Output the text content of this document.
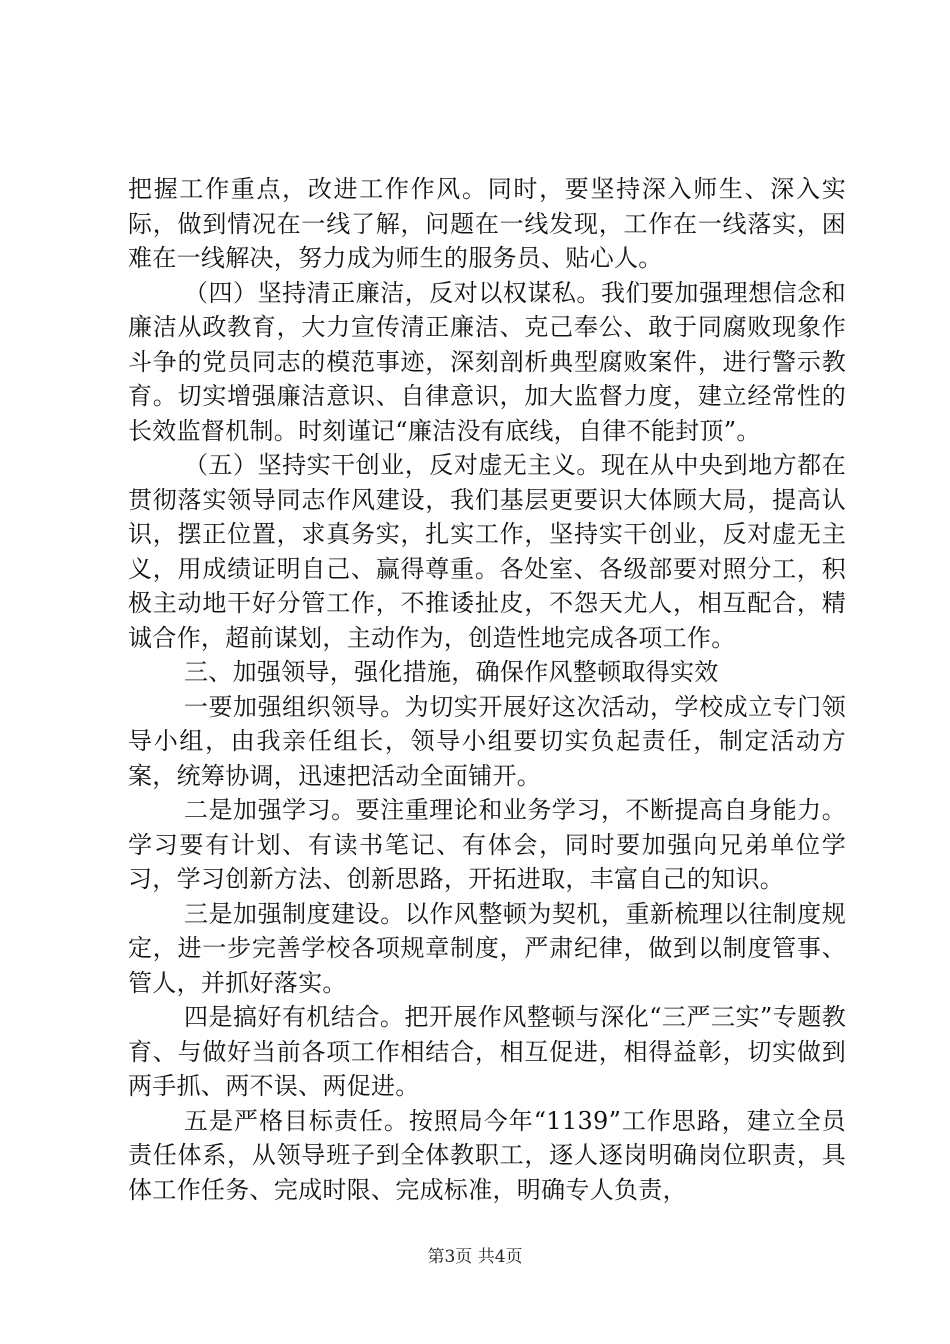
把握工作重点，改进工作作风。同时，要坚持深入师生、深入实际，做到情况在一线了解，问题在一线发现，工作在一线落实，困难在一线解决，努力成为师生的服务员、贴心人。

（四）坚持清正廉洁，反对以权谋私。我们要加强理想信念和廉洁从政教育，大力宣传清正廉洁、克己奉公、敢于同腐败现象作斗争的党员同志的模范事迹，深刻剖析典型腐败案件，进行警示教育。切实增强廉洁意识、自律意识，加大监督力度，建立经常性的长效监督机制。时刻谨记“廉洁没有底线，自律不能封顶”。

（五）坚持实干创业，反对虚无主义。现在从中央到地方都在贯彻落实领导同志作风建设，我们基层更要识大体顾大局，提高认识，摆正位置，求真务实，扎实工作，坚持实干创业，反对虚无主义，用成绩证明自己、赢得尊重。各处室、各级部要对照分工，积极主动地干好分管工作，不推诿扯皮，不怨天尤人，相互配合，精诚合作，超前谋划，主动作为，创造性地完成各项工作。

三、加强领导，强化措施，确保作风整顿取得实效

一要加强组织领导。为切实开展好这次活动，学校成立专门领导小组，由我亲任组长，领导小组要切实负起责任，制定活动方案，统筹协调，迅速把活动全面铺开。

二是加强学习。要注重理论和业务学习，不断提高自身能力。学习要有计划、有读书笔记、有体会，同时要加强向兄弟单位学习，学习创新方法、创新思路，开拓进取，丰富自己的知识。

三是加强制度建设。以作风整顿为契机，重新梳理以往制度规定，进一步完善学校各项规章制度，严肃纪律，做到以制度管事、管人，并抓好落实。

四是搞好有机结合。把开展作风整顿与深化“三严三实”专题教育、与做好当前各项工作相结合，相互促进，相得益彰，切实做到两手抓、两不误、两促进。

五是严格目标责任。按照局今年“1139”工作思路，建立全员责任体系，从领导班子到全体教职工，逐人逐岗明确岗位职责，具体工作任务、完成时限、完成标准，明确专人负责，

第3页 共4页
